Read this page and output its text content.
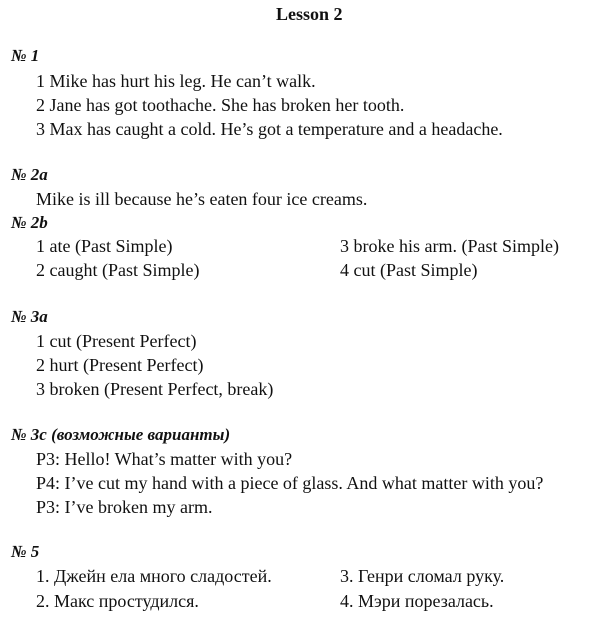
Lesson 2
№ 1
1 Mike has hurt his leg. He can’t walk.
2 Jane has got toothache. She has broken her tooth.
3 Max has caught a cold. He’s got a temperature and a headache.
№ 2a
Mike is ill because he’s eaten four ice creams.
№ 2b
1 ate (Past Simple)
2 caught (Past Simple)
3 broke his arm. (Past Simple)
4 cut (Past Simple)
№ 3a
1 cut (Present Perfect)
2 hurt (Present Perfect)
3 broken (Present Perfect, break)
№ 3c (возможные варианты)
P3: Hello! What’s matter with you?
P4: I’ve cut my hand with a piece of glass. And what matter with you?
P3: I’ve broken my arm.
№ 5
1. Джейн ела много сладостей.
2. Макс простудился.
3. Генри сломал руку.
4. Мэри порезалась.
